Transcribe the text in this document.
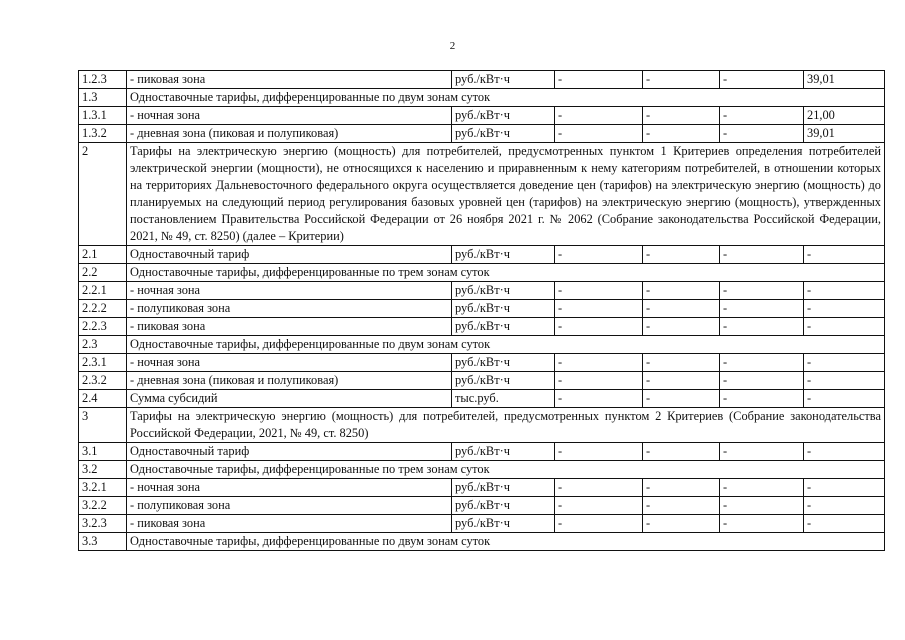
2
1.2.3	- пиковая зона	руб./кВт·ч	-	-	-	39,01
1.3	Одноставочные тарифы, дифференцированные по двум зонам суток					
1.3.1	- ночная зона	руб./кВт·ч	-	-	-	21,00
1.3.2	- дневная зона (пиковая и полупиковая)	руб./кВт·ч	-	-	-	39,01
2	Тарифы на электрическую энергию (мощность) для потребителей, предусмотренных пунктом 1 Критериев определения потребителей электрической энергии (мощности), не относящихся к населению и приравненным к нему категориям потребителей, в отношении которых на территориях Дальневосточного федерального округа осуществляется доведение цен (тарифов) на электрическую энергию (мощность) до планируемых на следующий период регулирования базовых уровней цен (тарифов) на электрическую энергию (мощность), утвержденных постановлением Правительства Российской Федерации от 26 ноября 2021 г. № 2062 (Собрание законодательства Российской Федерации, 2021, № 49, ст. 8250) (далее – Критерии)					
2.1	Одноставочный тариф	руб./кВт·ч	-	-	-	-
2.2	Одноставочные тарифы, дифференцированные по трем зонам суток					
2.2.1	- ночная зона	руб./кВт·ч	-	-	-	-
2.2.2	- полупиковая зона	руб./кВт·ч	-	-	-	-
2.2.3	- пиковая зона	руб./кВт·ч	-	-	-	-
2.3	Одноставочные тарифы, дифференцированные по двум зонам суток					
2.3.1	- ночная зона	руб./кВт·ч	-	-	-	-
2.3.2	- дневная зона (пиковая и полупиковая)	руб./кВт·ч	-	-	-	-
2.4	Сумма субсидий	тыс.руб.	-	-	-	-
3	Тарифы на электрическую энергию (мощность) для потребителей, предусмотренных пунктом 2 Критериев (Собрание законодательства Российской Федерации, 2021, № 49, ст. 8250)					
3.1	Одноставочный тариф	руб./кВт·ч	-	-	-	-
3.2	Одноставочные тарифы, дифференцированные по трем зонам суток					
3.2.1	- ночная зона	руб./кВт·ч	-	-	-	-
3.2.2	- полупиковая зона	руб./кВт·ч	-	-	-	-
3.2.3	- пиковая зона	руб./кВт·ч	-	-	-	-
3.3	Одноставочные тарифы, дифференцированные по двум зонам суток					
